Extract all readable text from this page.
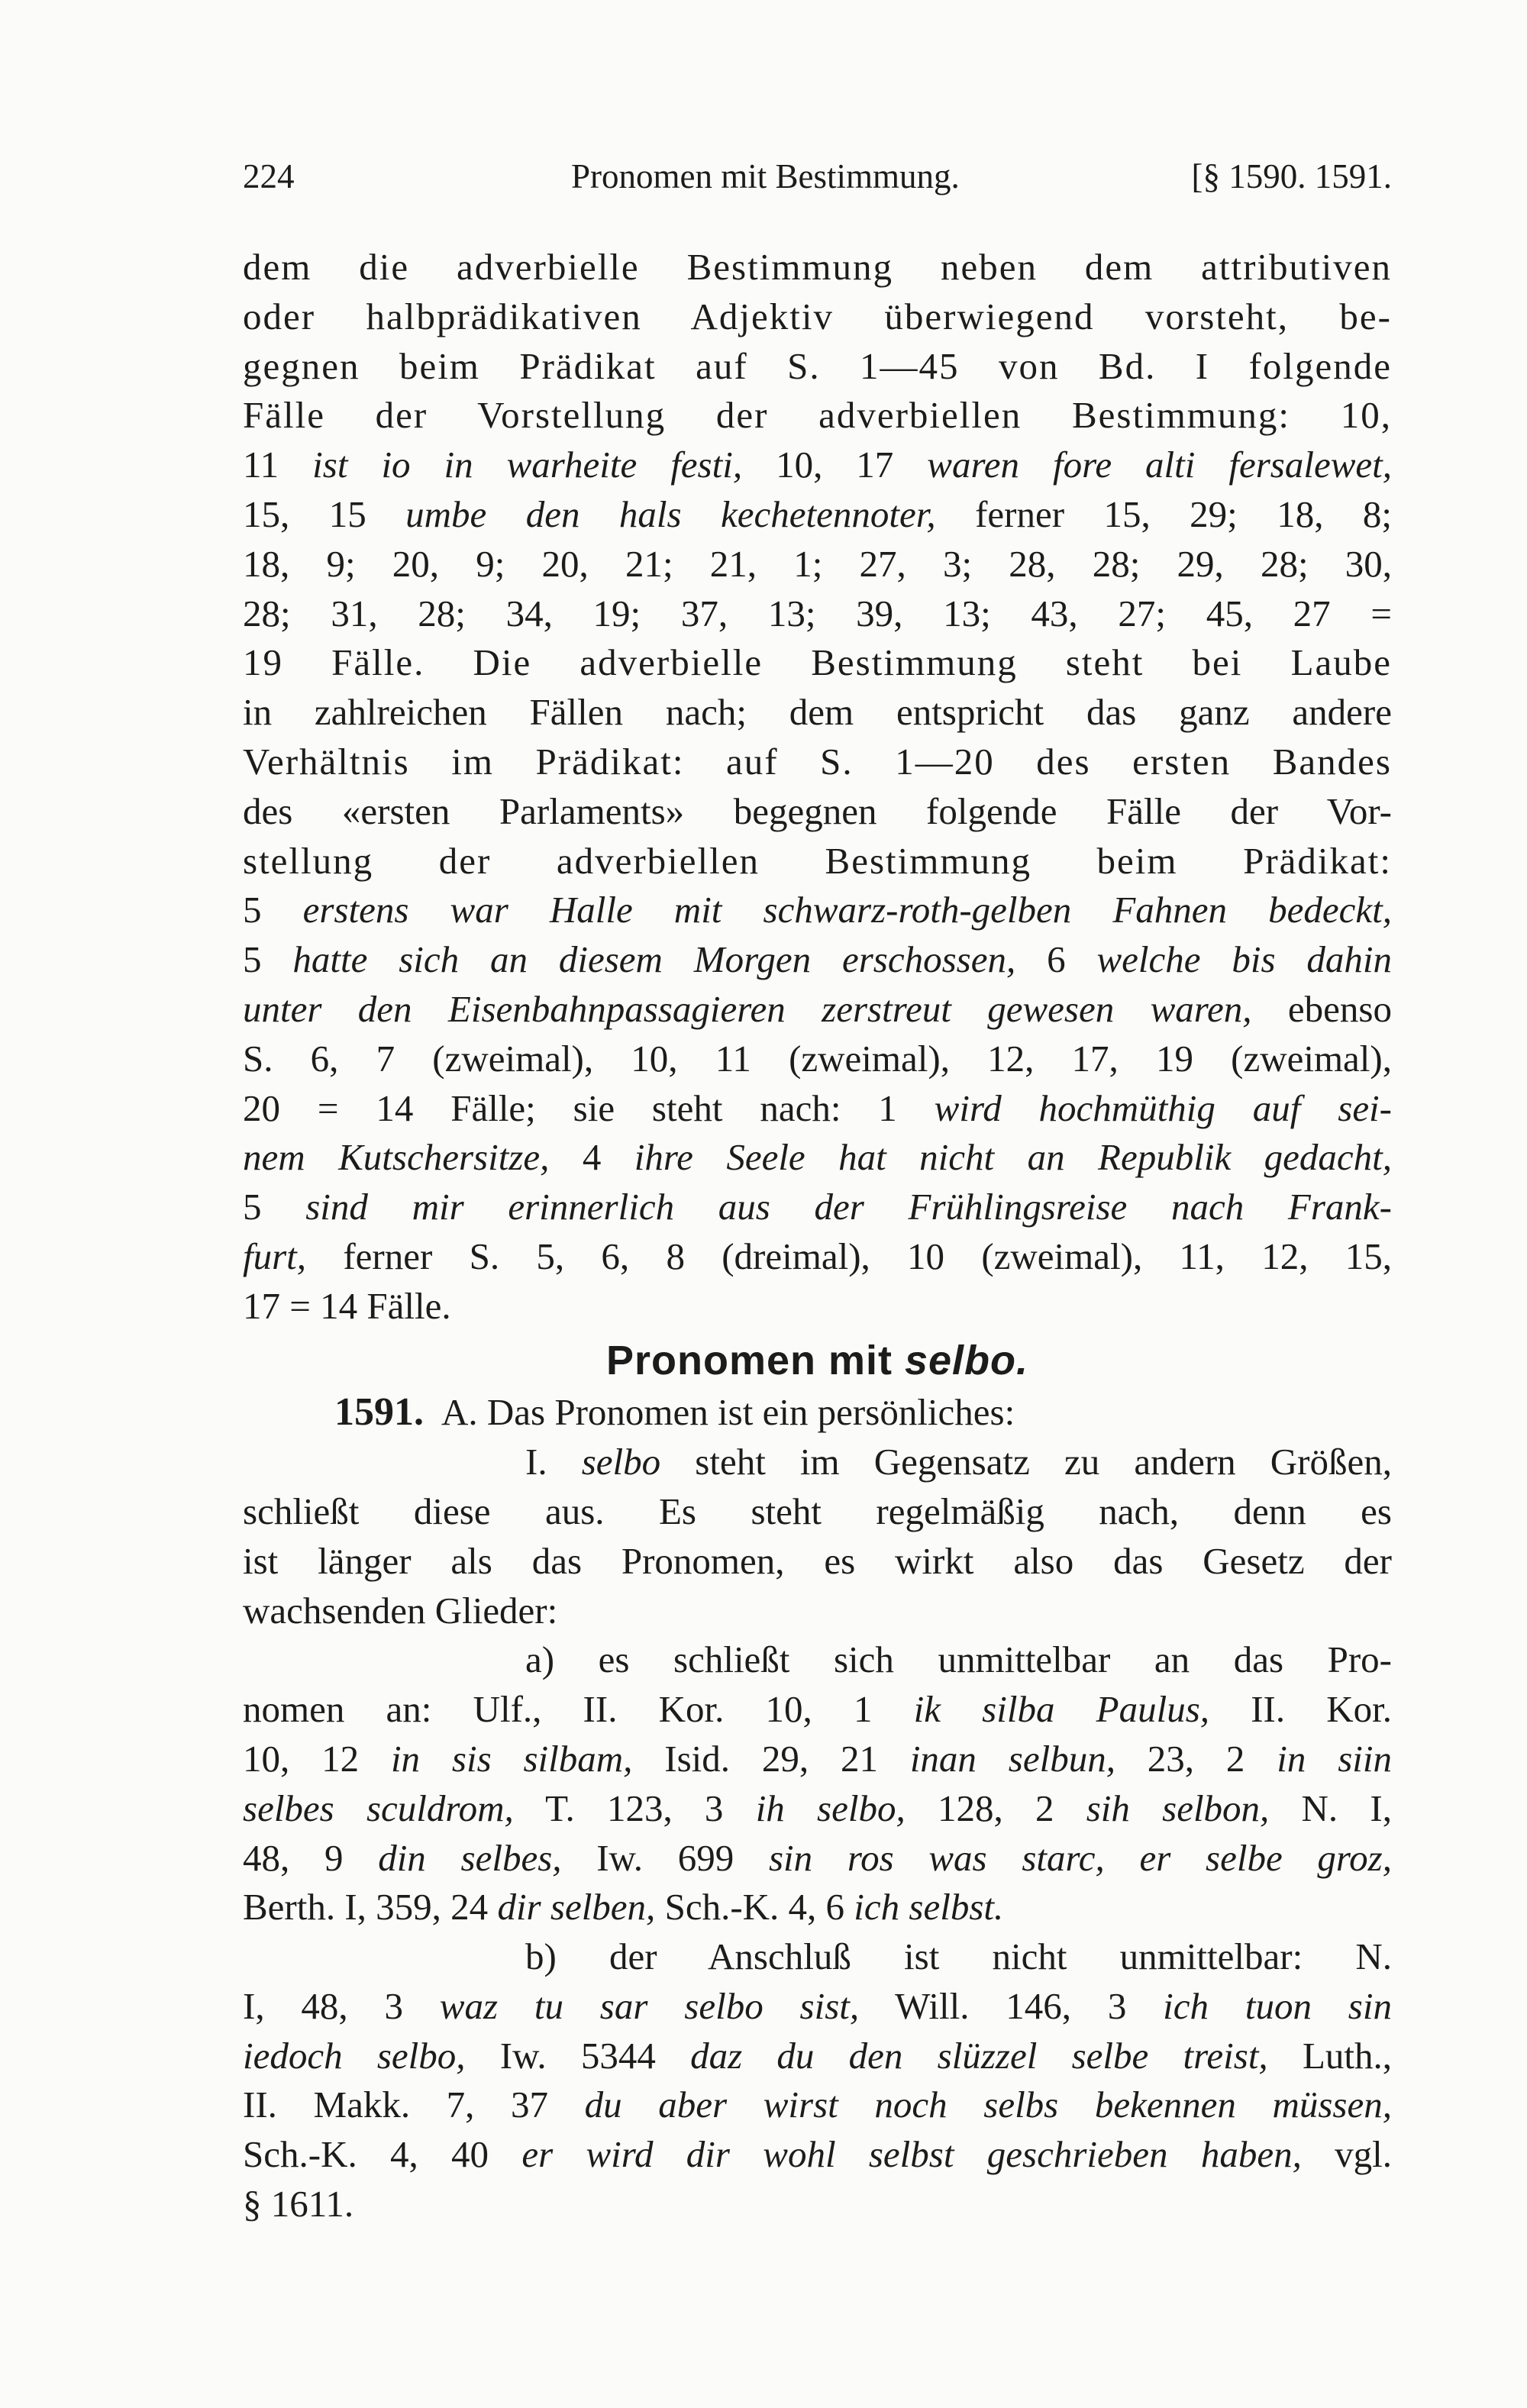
224	Pronomen mit Bestimmung.	[§ 1590. 1591.

dem die adverbielle Bestimmung neben dem attributiven
oder halbprädikativen Adjektiv überwiegend vorsteht, be-
gegnen beim Prädikat auf S. 1—45 von Bd. I folgende
Fälle der Vorstellung der adverbiellen Bestimmung: 10,
11 ist io in warheite festi, 10, 17 waren fore alti fersalewet,
15, 15 umbe den hals kechetennoter, ferner 15, 29; 18, 8;
18, 9; 20, 9; 20, 21; 21, 1; 27, 3; 28, 28; 29, 28; 30,
28; 31, 28; 34, 19; 37, 13; 39, 13; 43, 27; 45, 27 =
19 Fälle. Die adverbielle Bestimmung steht bei Laube
in zahlreichen Fällen nach; dem entspricht das ganz andere
Verhältnis im Prädikat: auf S. 1—20 des ersten Bandes
des «ersten Parlaments» begegnen folgende Fälle der Vor-
stellung der adverbiellen Bestimmung beim Prädikat:
5 erstens war Halle mit schwarz-roth-gelben Fahnen bedeckt,
5 hatte sich an diesem Morgen erschossen, 6 welche bis dahin
unter den Eisenbahnpassagieren zerstreut gewesen waren, ebenso
S. 6, 7 (zweimal), 10, 11 (zweimal), 12, 17, 19 (zweimal),
20 = 14 Fälle; sie steht nach: 1 wird hochmüthig auf sei-
nem Kutschersitze, 4 ihre Seele hat nicht an Republik gedacht,
5 sind mir erinnerlich aus der Frühlingsreise nach Frank-
furt, ferner S. 5, 6, 8 (dreimal), 10 (zweimal), 11, 12, 15,
17 = 14 Fälle.

Pronomen mit selbo.

1591. A. Das Pronomen ist ein persönliches:
I. selbo steht im Gegensatz zu andern Größen,
schließt diese aus. Es steht regelmäßig nach, denn es
ist länger als das Pronomen, es wirkt also das Gesetz der
wachsenden Glieder:
a) es schließt sich unmittelbar an das Pro-
nomen an: Ulf., II. Kor. 10, 1 ik silba Paulus, II. Kor.
10, 12 in sis silbam, Isid. 29, 21 inan selbun, 23, 2 in siin
selbes sculdrom, T. 123, 3 ih selbo, 128, 2 sih selbon, N. I,
48, 9 din selbes, Iw. 699 sin ros was starc, er selbe groz,
Berth. I, 359, 24 dir selben, Sch.-K. 4, 6 ich selbst.
b) der Anschluß ist nicht unmittelbar: N.
I, 48, 3 waz tu sar selbo sist, Will. 146, 3 ich tuon sin
iedoch selbo, Iw. 5344 daz du den slüzzel selbe treist, Luth.,
II. Makk. 7, 37 du aber wirst noch selbs bekennen müssen,
Sch.-K. 4, 40 er wird dir wohl selbst geschrieben haben, vgl.
§ 1611.
